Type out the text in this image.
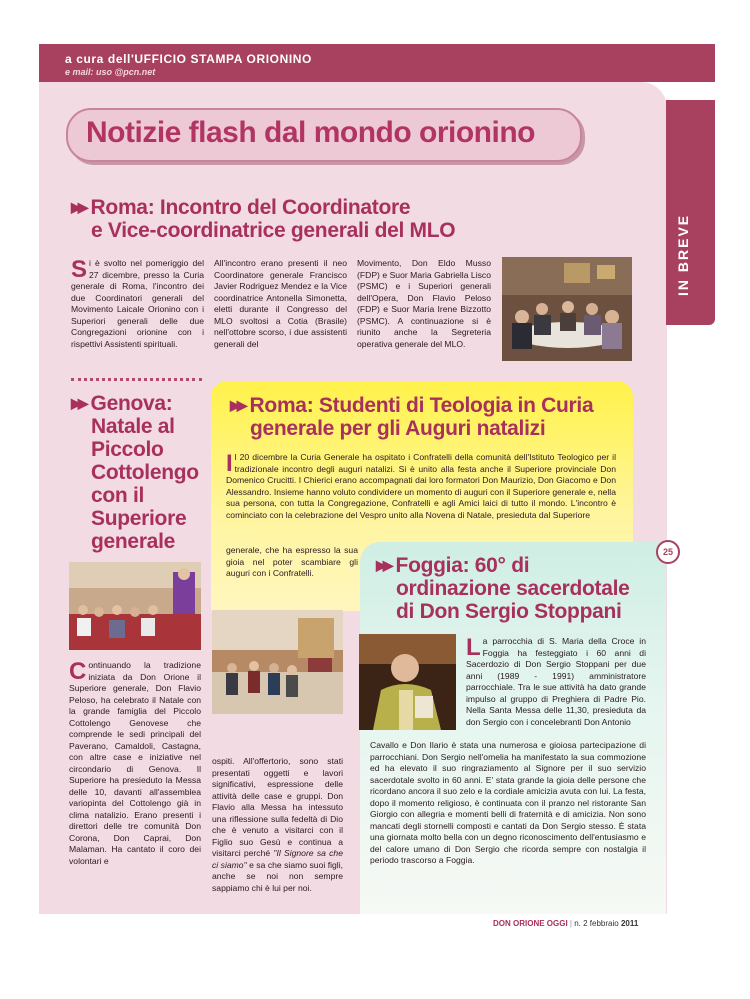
a cura dell'UFFICIO STAMPA ORIONINO
e mail: uso @pcn.net
IN BREVE
Notizie flash dal mondo orionino
▶▶ Roma: Incontro del Coordinatore
e Vice-coordinatrice generali del MLO
Si è svolto nel pomeriggio del 27 dicembre, presso la Curia generale di Roma, l'incontro dei due Coordinatori generali del Movimento Laicale Orionino con i Superiori generali delle due Congregazioni orionine con i rispettivi Assistenti spirituali.
All'incontro erano presenti il neo Coordinatore generale Francisco Javier Rodriguez Mendez e la Vice coordinatrice Antonella Simonetta, eletti durante il Congresso del MLO svoltosi a Cotia (Brasile) nell'ottobre scorso, i due assistenti generali del
Movimento, Don Eldo Musso (FDP) e Suor Maria Gabriella Lisco (PSMC) e i Superiori generali dell'Opera, Don Flavio Peloso (FDP) e Suor Maria Irene Bizzotto (PSMC). A continuazione si è riunito anche la Segreteria operativa generale del MLO.
▶▶ Genova:

Natale al
Piccolo
Cottolengo
con il
Superiore
generale
Continuando la tradizione iniziata da Don Orione il Superiore generale, Don Flavio Peloso, ha celebrato il Natale con la grande famiglia del Piccolo Cottolengo Genovese che comprende le sedi principali del Paverano, Camaldoli, Castagna, con altre case e iniziative nel circondario di Genova. Il Superiore ha presieduto la Messa delle 10, davanti all'assemblea variopinta del Cottolengo già in clima natalizio. Erano presenti i direttori delle tre comunità Don Corona, Don Caprai, Don Malaman. Ha cantato il coro dei volontari e
▶▶ Roma: Studenti di Teologia in Curia
generale per gli Auguri natalizi
Il 20 dicembre la Curia Generale ha ospitato i Confratelli della comunità dell'Istituto Teologico per il tradizionale incontro degli auguri natalizi. Si è unito alla festa anche il Superiore provinciale Don Domenico Crucitti. I Chierici erano accompagnati dai loro formatori Don Maurizio, Don Giacomo e Don Alessandro. Insieme hanno voluto condividere un momento di auguri con il Superiore generale e, nella sua persona, con tutta la Congregazione, Confratelli e agli Amici laici di tutto il mondo. L'incontro è cominciato con la celebrazione del Vespro unito alla Novena di Natale, presieduta dal Superiore
generale, che ha espresso la sua gioia nel poter scambiare gli auguri con i Confratelli.
ospiti. All'offertorio, sono stati presentati oggetti e lavori significativi, espressione delle attività delle case e gruppi. Don Flavio alla Messa ha intessuto una riflessione sulla fedeltà di Dio che è venuto a visitarci con il Figlio suo Gesù e continua a visitarci perché "Il Signore sa che ci siamo" e sa che siamo suoi figli, anche se noi non sempre sappiamo chi è lui per noi.
▶▶ Foggia: 60° di
ordinazione sacerdotale
di Don Sergio Stoppani
La parrocchia di S. Maria della Croce in Foggia ha festeggiato i 60 anni di Sacerdozio di Don Sergio Stoppani per due anni (1989 - 1991) amministratore parrocchiale. Tra le sue attività ha dato grande impulso al gruppo di Preghiera di Padre Pio. Nella Santa Messa delle 11,30, presieduta da don Sergio con i concelebranti Don Antonio
Cavallo e Don Ilario è stata una numerosa e gioiosa partecipazione di parrocchiani. Don Sergio nell'omelia ha manifestato la sua commozione ed ha elevato il suo ringraziamento al Signore per il suo servizio sacerdotale svolto in 60 anni. E' stata grande la gioia delle persone che ricordano ancora il suo zelo e la cordiale amicizia avuta con lui. La festa, dopo il momento religioso, è continuata con il pranzo nel ristorante San Giorgio con allegria e momenti belli di fraternità e di amicizia. Non sono mancati degli stornelli composti e cantati da Don Sergio stesso. È stata una giornata molto bella con un degno riconoscimento dell'entusiasmo e del calore umano di Don Sergio che ricorda sempre con nostalgia il periodo trascorso a Foggia.
25
DON ORIONE OGGI | n. 2 febbraio 2011
